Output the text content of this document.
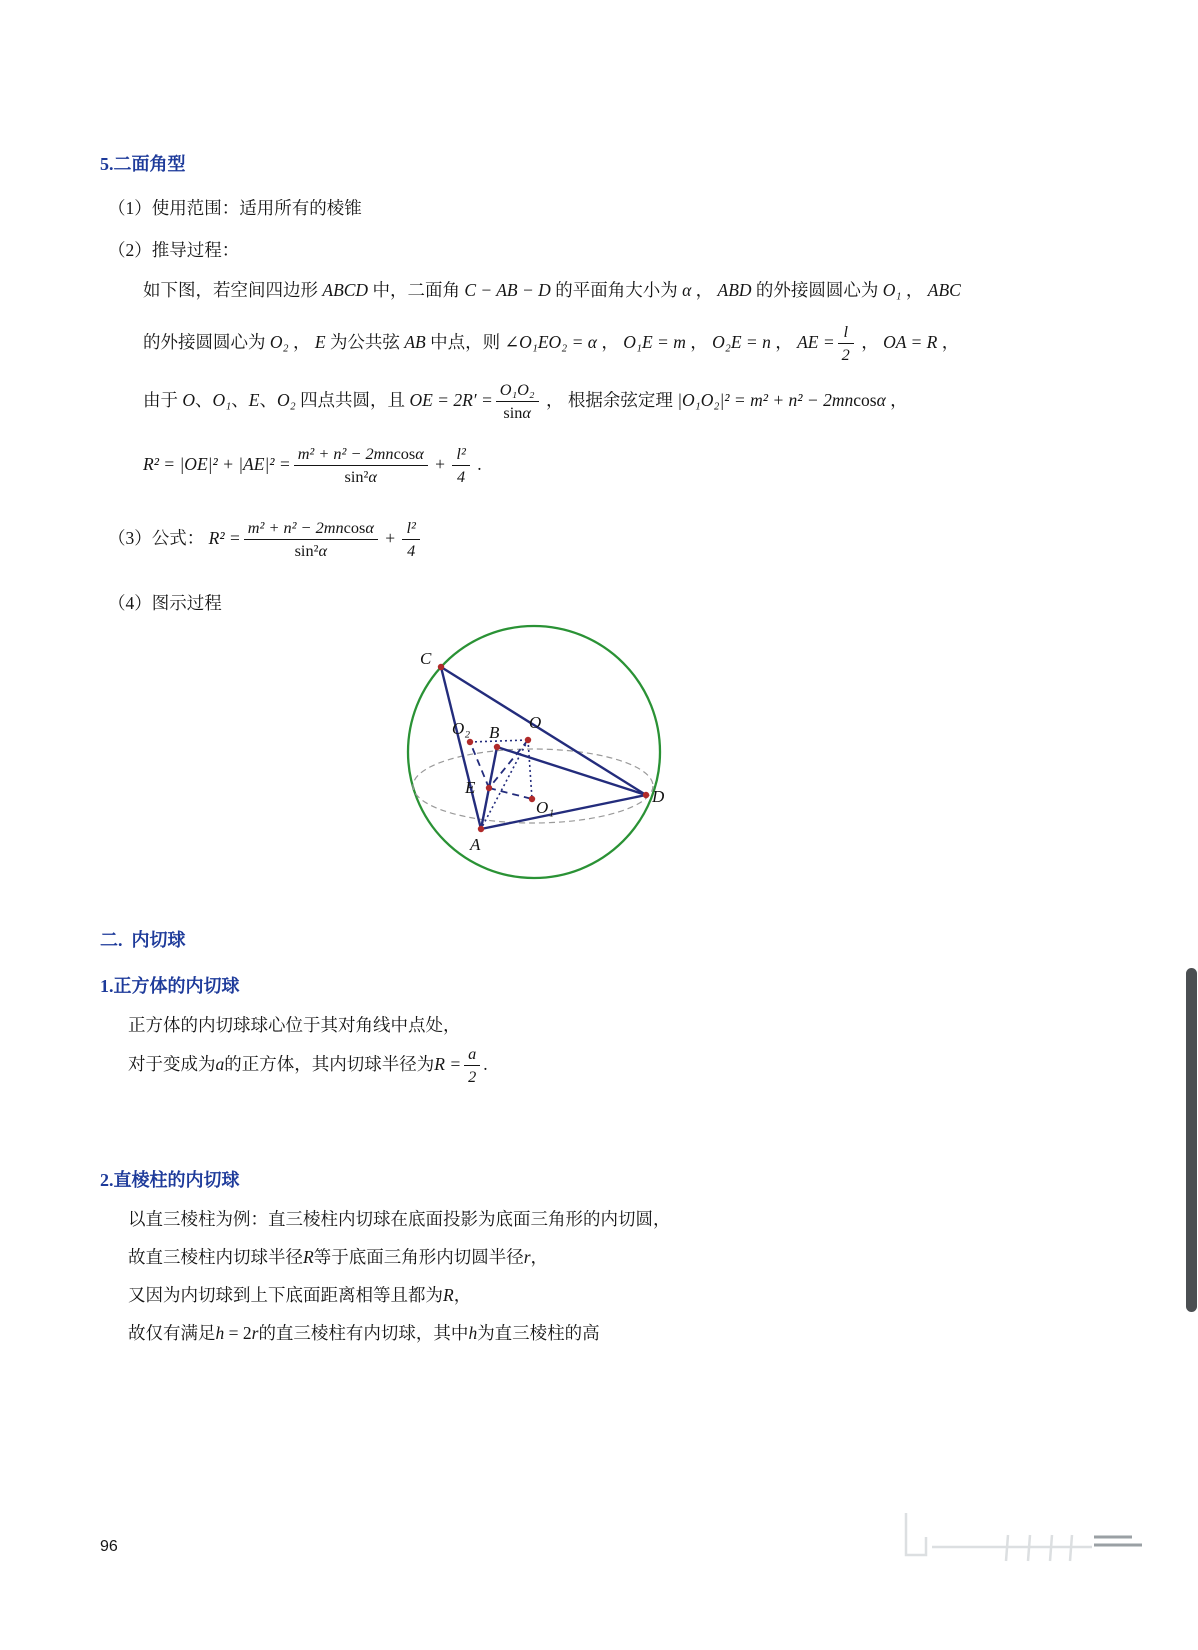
5.二面角型
（1）使用范围：适用所有的棱锥
（2）推导过程：
如下图，若空间四边形 ABCD 中，二面角 C − AB − D 的平面角大小为 α ， ABD 的外接圆圆心为 O₁ ， ABC
的外接圆圆心为 O₂ ， E 为公共弦 AB 中点，则 ∠O₁EO₂ = α ， O₁E = m ， O₂E = n ， AE = $\frac{l}{2}$ ， OA = R ，
由于 O、O₁、E、O₂ 四点共圆，且 OE = $2R' = \frac{\text{O₁O₂}}{\sin\alpha}$ ， 根据余弦定理 |O₁O₂|² = m² + n² − 2mncosα ，
$R^2 = |OE|^2 + |AE|^2 = \frac{\text{m² + n² − 2mncosα}}{\text{sin²α}} + \frac{\text{l²}}{4}$ .
（3）公式： $R^2 = \frac{\text{m² + n² − 2mncosα}}{\text{sin²α}} + \frac{\text{l²}}{4}$
（4）图示过程
C
O₂ B
O
E
O₁
D
A
二.  内切球
1.正方体的内切球
正方体的内切球球心位于其对角线中点处，
对于变成为a的正方体，其内切球半径为$R = \frac{a}{2}$ .
2.直棱柱的内切球
以直三棱柱为例：直三棱柱内切球在底面投影为底面三角形的内切圆，
故直三棱柱内切球半径R等于底面三角形内切圆半径r，
又因为内切球到上下底面距离相等且都为R，
故仅有满足h = 2r的直三棱柱有内切球，其中h为直三棱柱的高
96
